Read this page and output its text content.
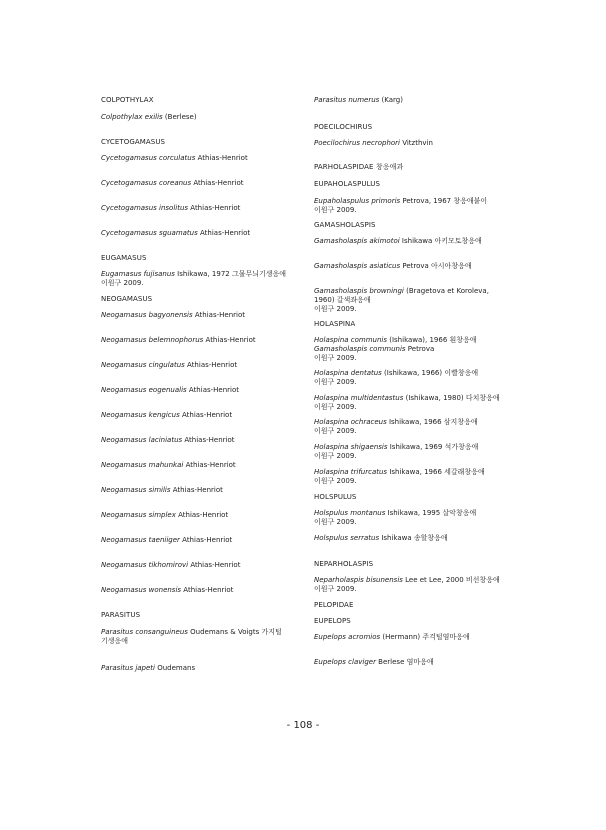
COLPOTHYLAX
Colpothylax exilis (Berlese)
CYCETOGAMASUS
Cycetogamasus corculatus Athias-Henriot
Cycetogamasus coreanus Athias-Henriot
Cycetogamasus insolitus Athias-Henriot
Cycetogamasus sguamatus Athias-Henriot
EUGAMASUS
Eugamasus fujisanus Ishikawa, 1972 그물무늬기생응애
이원구 2009.
NEOGAMASUS
Neogamasus bagyonensis Athias-Henriot
Neogamasus belemnophorus Athias-Henriot
Neogamasus cingulatus Athias-Henriot
Neogamasus eogenualis Athias-Henriot
Neogamasus kengicus Athias-Henriot
Neogamasus laciniatus Athias-Henriot
Neogamasus mahunkai Athias-Henriot
Neogamasus similis Athias-Henriot
Neogamasus simplex Athias-Henriot
Neogamasus taeniiger Athias-Henriot
Neogamasus tikhomirovi Athias-Henriot
Neogamasus wonensis Athias-Henriot
PARASITUS
Parasitus consanguineus Oudemans & Voigts 가지털
기생응애
Parasitus japeti Oudemans
Parasitus numerus (Karg)
POECILOCHIRUS
Poecilochirus necrophori Vitzthvin
PARHOLASPIDAE 창응애과
EUPAHOLASPULUS
Eupaholaspulus primoris Petrova, 1967 창응애붙이
이원구 2009.
GAMASHOLASPIS
Gamasholaspis akimotoi Ishikawa 아키모토창응애
Gamasholaspis asiaticus Petrova 아시아창응애
Gamasholaspis browningi (Bragetova et Koroleva,
1960) 갈색좌응애
이원구 2009.
HOLASPINA
Holaspina communis (Ishikawa), 1966 흰창응애
Gamasholaspis communis Petrova
이원구 2009.
Holaspina dentatus (Ishikawa, 1966) 이빨창응애
이원구 2009.
Holaspina multidentastus (Ishikawa, 1980) 다치창응애
이원구 2009.
Holaspina ochraceus Ishikawa, 1966 삼지창응애
이원구 2009.
Holaspina shigaensis Ishikawa, 1969 석가창응애
이원구 2009.
Holaspina trifurcatus Ishikawa, 1966 세갈래창응애
이원구 2009.
HOLSPULUS
Holspulus montanus Ishikawa, 1995 살악창응애
이원구 2009.
Holspulus serratus Ishikawa 송할창응애
NEPARHOLASPIS
Neparholaspis bisunensis Lee et Lee, 2000 비선창응애
이원구 2009.
PELOPIDAE
EUPELOPS
Eupelops acromios (Hermann) 주걱털염마응애
Eupelops claviger Berlese 염마응애
- 108 -
